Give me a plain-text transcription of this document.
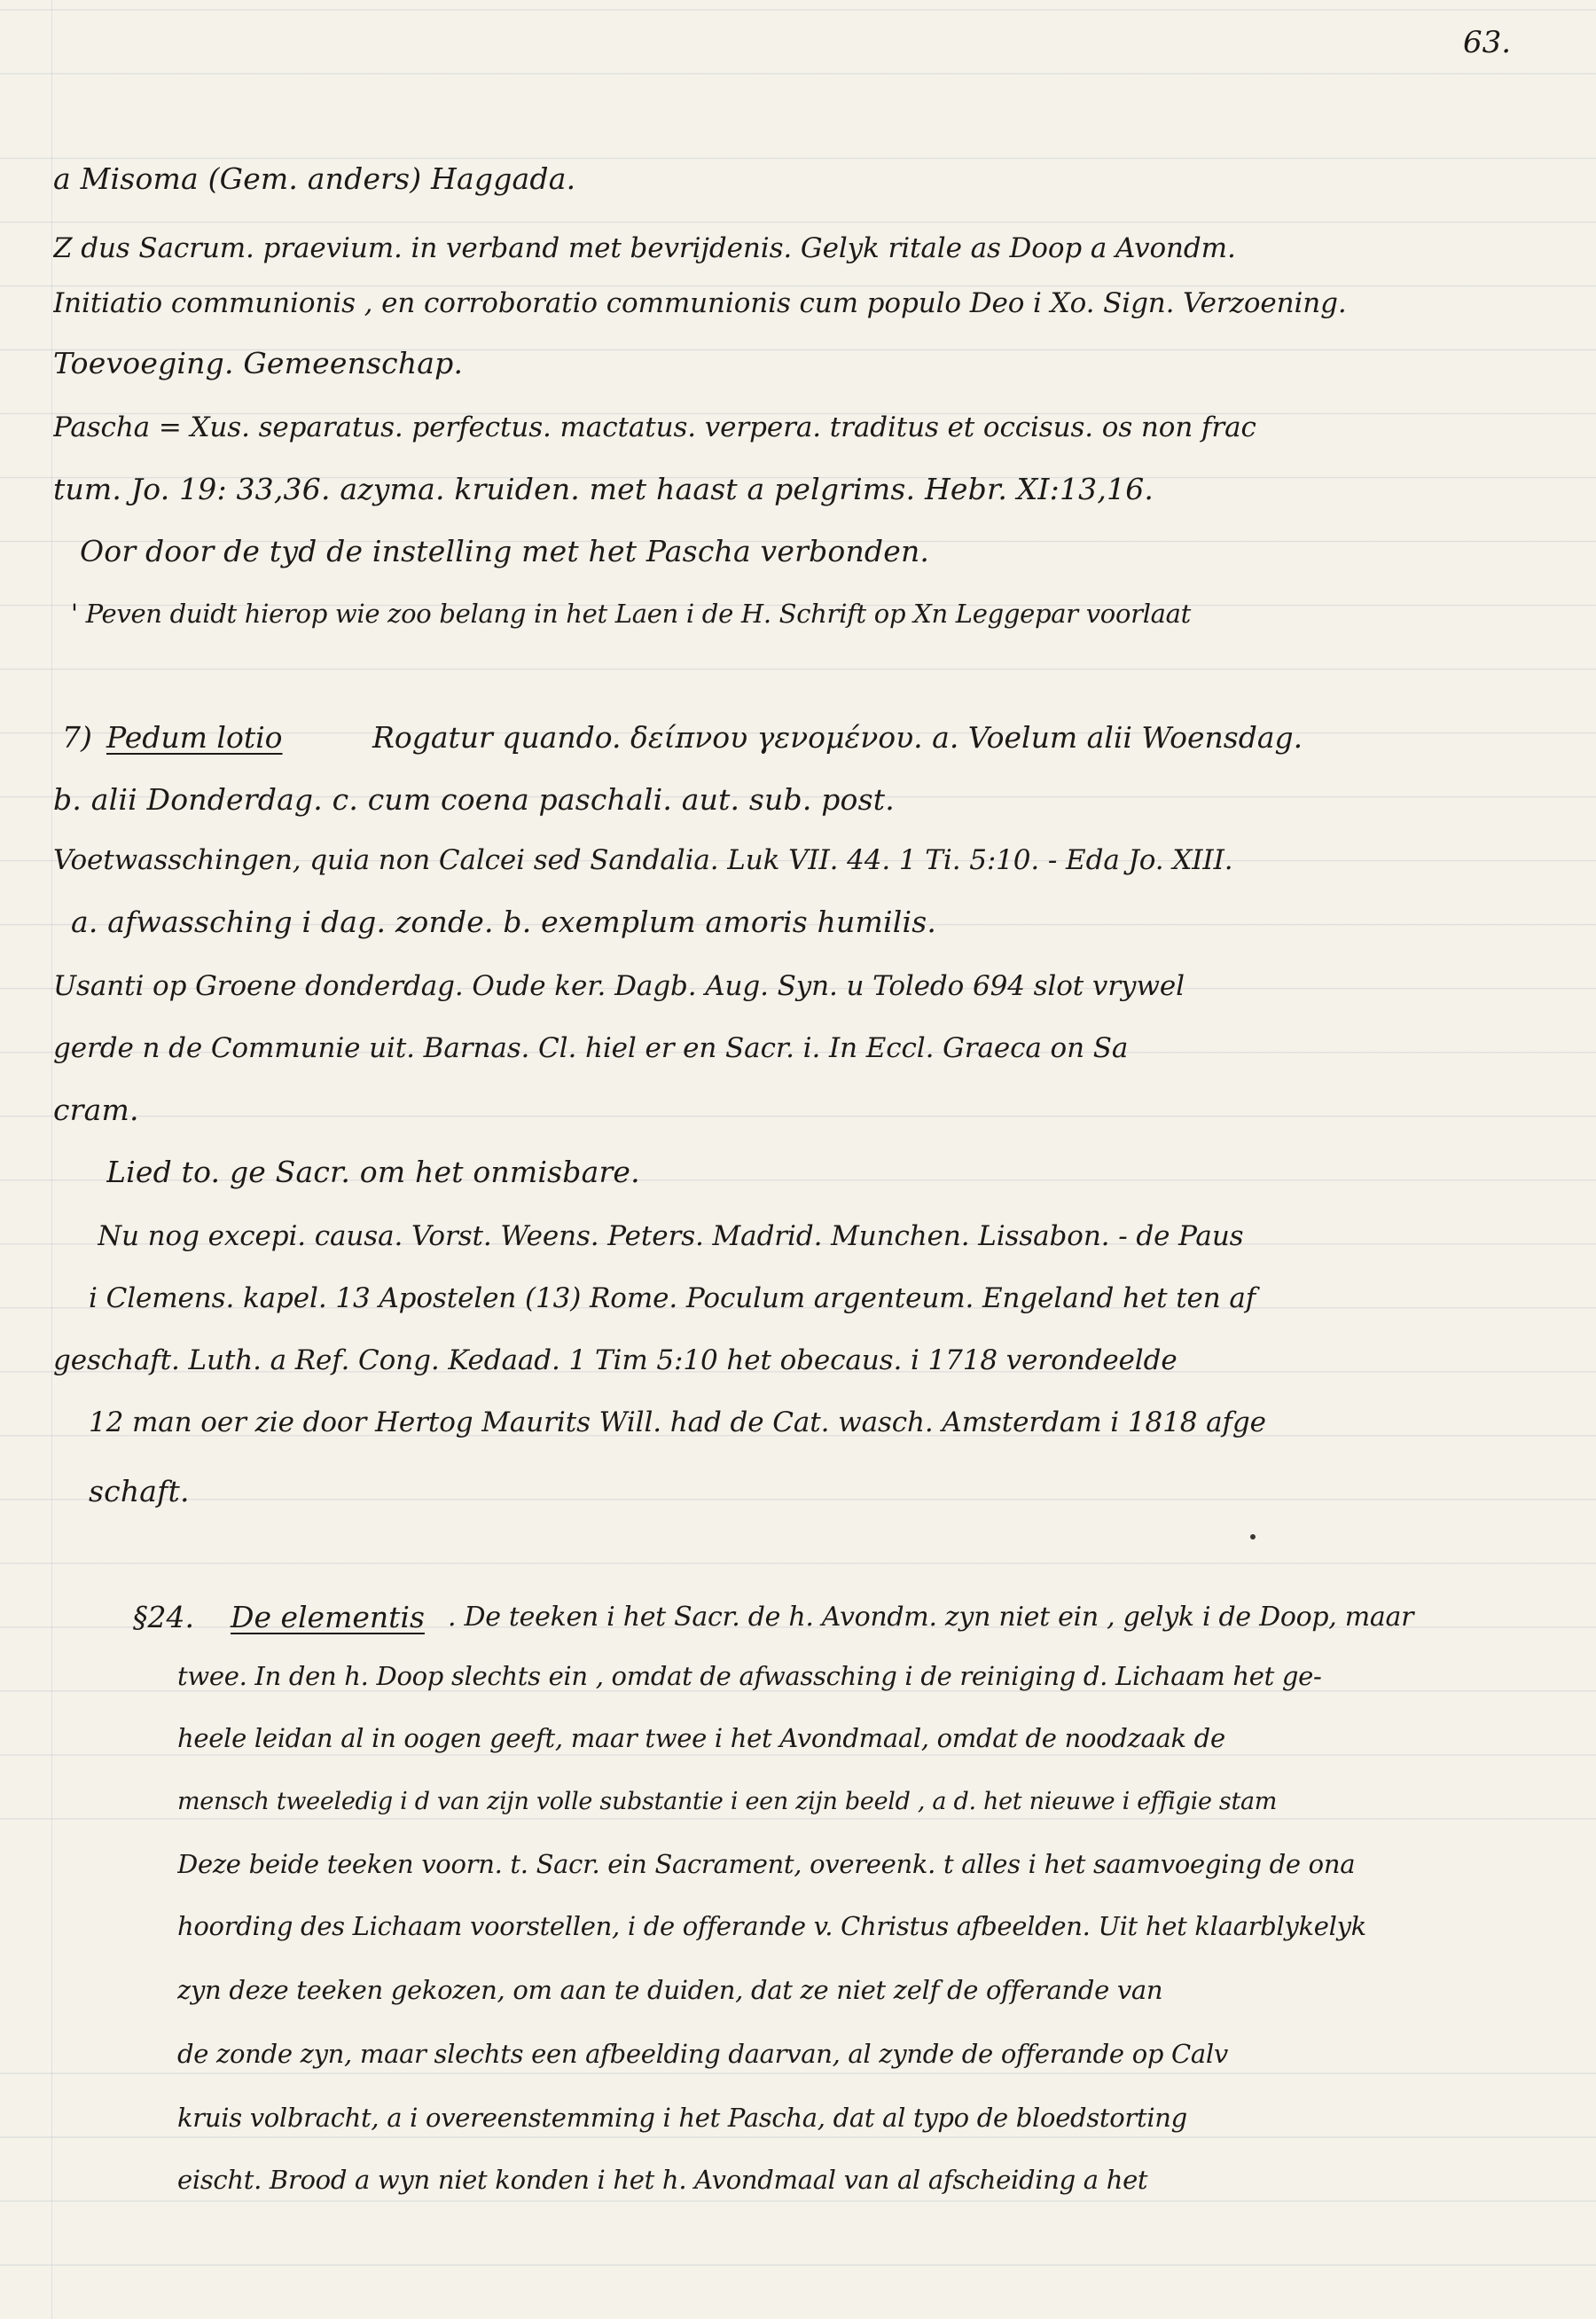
63.
a Misoma (Gem. anders) Haggada.
Z dus Sacrum. praevium. in verband met bevrijdenis. Gelyk ritale as Doop a Avondm.
Initiatio communionis , en corroboratio communionis cum populo Deo i Xo. Sign. Verzoening.
Toevoeging. Gemeenschap.
Pascha = Xus. separatus. perfectus. mactatus. verpera. traditus et occisus. os non frac
tum. Jo. 19: 33,36. azyma. kruiden. met haast a pelgrims. Hebr. XI:13,16.
Oor door de tyd de instelling met het Pascha verbonden.
' Peven duidt hierop wie zoo belang in het Laen i de H. Schrift op Xn Leggepar voorlaat
7) Pedum lotio	Rogatur quando. δείπνου γενομένου. a. Voelum alii Woensdag.
b. alii Donderdag. c. cum coena paschali. aut. sub. post.
Voetwasschingen, quia non Calcei sed Sandalia. Luk VII. 44. 1 Ti. 5:10. - Eda Jo. XIII.
a. afwassching i dag. zonde. b. exemplum amoris humilis.
Usanti op Groene donderdag. Oude ker. Dagb. Aug. Syn. u Toledo 694 slot vrywel
gerde n de Communie uit. Barnas. Cl. hiel er en Sacr. i. In Eccl. Graeca on Sa
cram.
Lied to. ge Sacr. om het onmisbare.
Nu nog excepi. causa. Vorst. Weens. Peters. Madrid. Munchen. Lissabon. - de Paus
i Clemens. kapel. 13 Apostelen (13) Rome. Poculum argenteum. Engeland het ten af
geschaft. Luth. a Ref. Cong. Kedaad. 1 Tim 5:10 het obecaus. i 1718 verondeelde
12 man oer zie door Hertog Maurits Will. had de Cat. wasch. Amsterdam i 1818 afge
schaft.
§24. De elementis . De teeken i het Sacr. de h. Avondm. zyn niet ein , gelyk i de Doop, maar
twee. In den h. Doop slechts ein , omdat de afwassching i de reiniging d. Lichaam het ge-
heele leidan al in oogen geeft, maar twee i het Avondmaal, omdat de noodzaak de
mensch tweeledig i d van zijn volle substantie i een zijn beeld , a d. het nieuwe i effigie stam
Deze beide teeken voorn. t. Sacr. ein Sacrament, overeenk. t alles i het saamvoeging de ona
hoording des Lichaam voorstellen, i de offerande v. Christus afbeelden. Uit het klaarblykelyk
zyn deze teeken gekozen, om aan te duiden, dat ze niet zelf de offerande van
de zonde zyn, maar slechts een afbeelding daarvan, al zynde de offerande op Calv
kruis volbracht, a i overeenstemming i het Pascha, dat al typo de bloedstorting
eischt. Brood a wyn niet konden i het h. Avondmaal van al afscheiding a het
